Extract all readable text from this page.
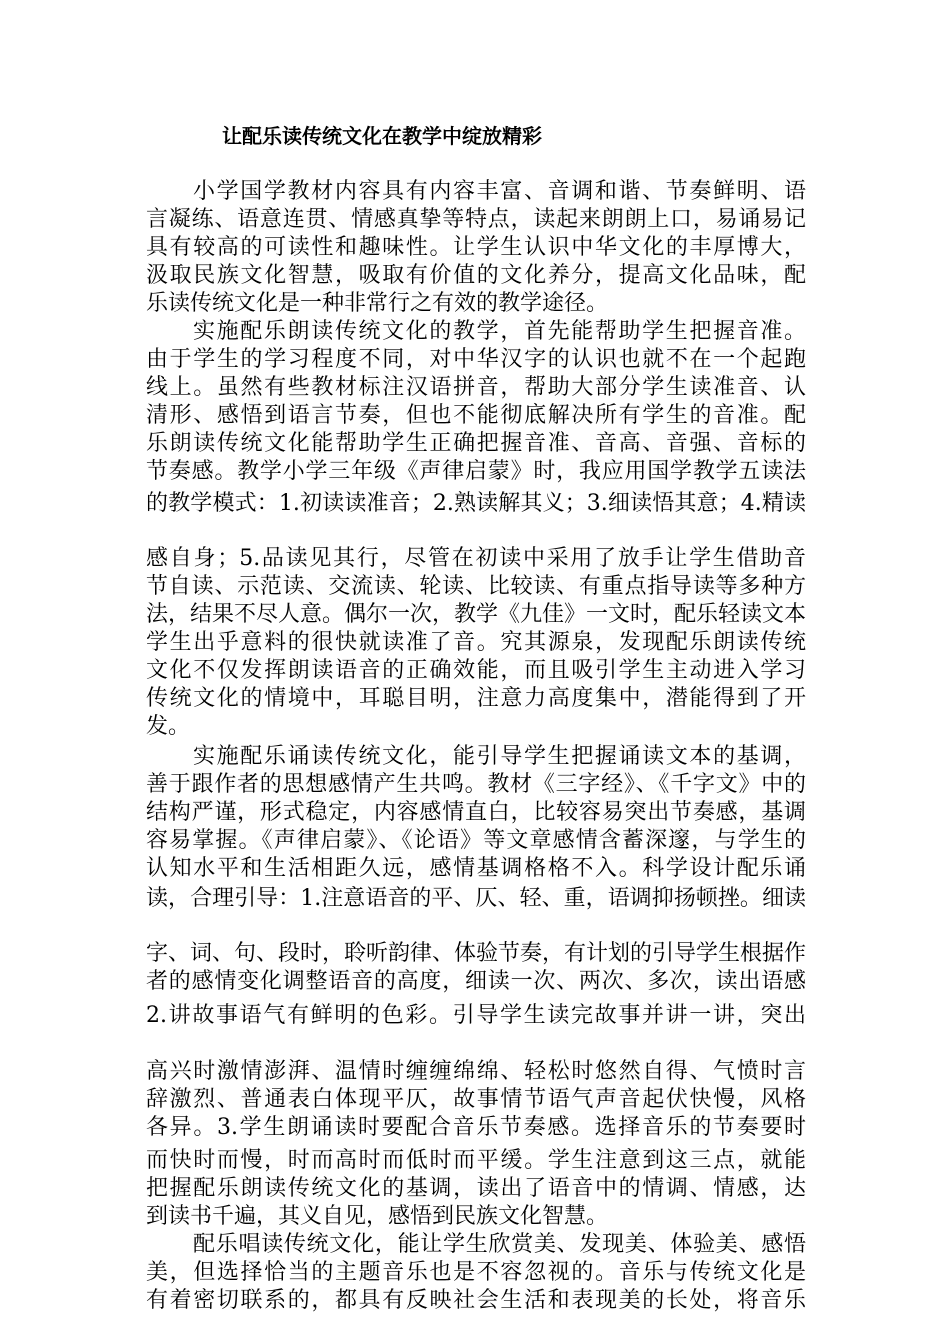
让配乐读传统文化在教学中绽放精彩
小学国学教材内容具有内容丰富、音调和谐、节奏鲜明、语
言凝练、语意连贯、情感真挚等特点，读起来朗朗上口，易诵易记
具有较高的可读性和趣味性。让学生认识中华文化的丰厚博大，
汲取民族文化智慧，吸取有价值的文化养分，提高文化品味，配
乐读传统文化是一种非常行之有效的教学途径。
实施配乐朗读传统文化的教学，首先能帮助学生把握音准。
由于学生的学习程度不同，对中华汉字的认识也就不在一个起跑
线上。虽然有些教材标注汉语拼音，帮助大部分学生读准音、认
清形、感悟到语言节奏，但也不能彻底解决所有学生的音准。配
乐朗读传统文化能帮助学生正确把握音准、音高、音强、音标的
节奏感。教学小学三年级《声律启蒙》时，我应用国学教学五读法
的教学模式：1.初读读准音；2.熟读解其义；3.细读悟其意；4.精读
感自身；5.品读见其行，尽管在初读中采用了放手让学生借助音
节自读、示范读、交流读、轮读、比较读、有重点指导读等多种方
法，结果不尽人意。偶尔一次，教学《九佳》一文时，配乐轻读文本
学生出乎意料的很快就读准了音。究其源泉，发现配乐朗读传统
文化不仅发挥朗读语音的正确效能，而且吸引学生主动进入学习
传统文化的情境中，耳聪目明，注意力高度集中，潜能得到了开
发。
实施配乐诵读传统文化，能引导学生把握诵读文本的基调，
善于跟作者的思想感情产生共鸣。教材《三字经》、《千字文》中的
结构严谨，形式稳定，内容感情直白，比较容易突出节奏感，基调
容易掌握。《声律启蒙》、《论语》等文章感情含蓄深邃，与学生的
认知水平和生活相距久远，感情基调格格不入。科学设计配乐诵
读，合理引导：1.注意语音的平、仄、轻、重，语调抑扬顿挫。细读
字、词、句、段时，聆听韵律、体验节奏，有计划的引导学生根据作
者的感情变化调整语音的高度，细读一次、两次、多次，读出语感
2.讲故事语气有鲜明的色彩。引导学生读完故事并讲一讲，突出
高兴时激情澎湃、温情时缠缠绵绵、轻松时悠然自得、气愤时言
辞激烈、普通表白体现平仄，故事情节语气声音起伏快慢，风格
各异。3.学生朗诵读时要配合音乐节奏感。选择音乐的节奏要时
而快时而慢，时而高时而低时而平缓。学生注意到这三点，就能
把握配乐朗读传统文化的基调，读出了语音中的情调、情感，达
到读书千遍，其义自见，感悟到民族文化智慧。
配乐唱读传统文化，能让学生欣赏美、发现美、体验美、感悟
美，但选择恰当的主题音乐也是不容忽视的。音乐与传统文化是
有着密切联系的，都具有反映社会生活和表现美的长处，将音乐
